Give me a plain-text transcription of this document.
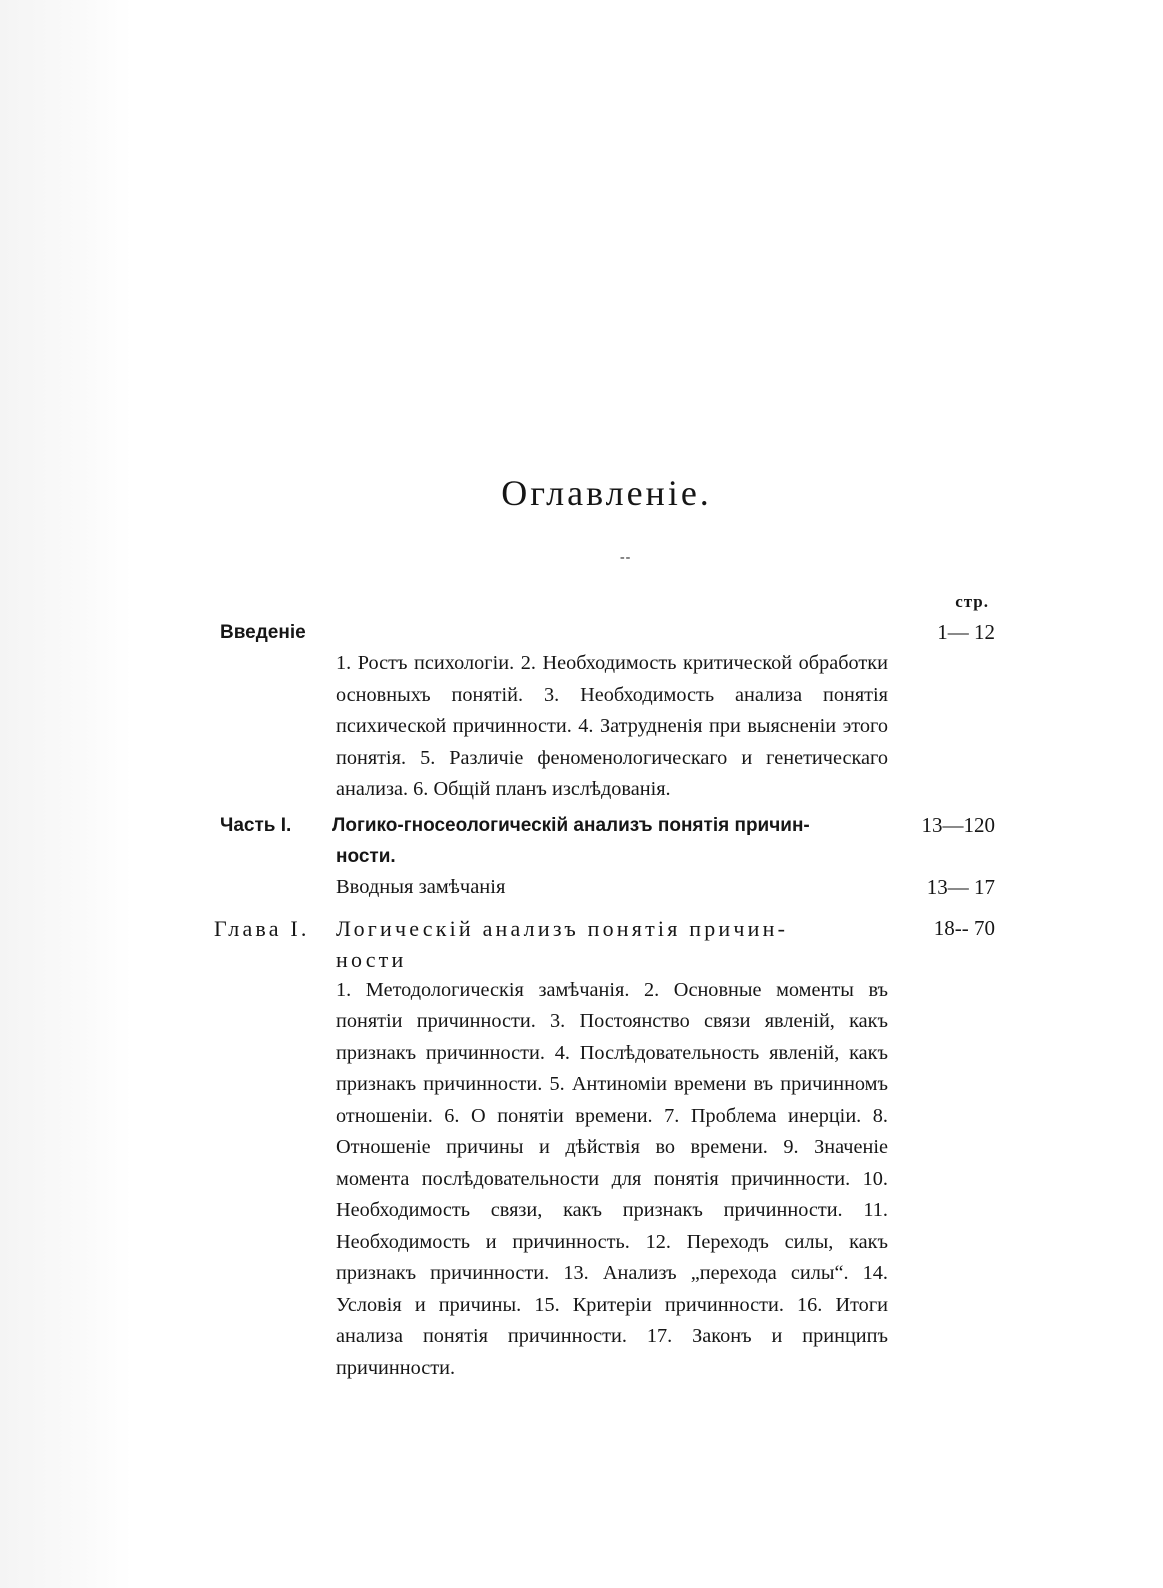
Оглавленіе.
--
стр.
Введеніе	1— 12
1. Ростъ психологіи. 2. Необходимость критической обработки основныхъ понятій. 3. Необходимость анализа понятія психической причинности. 4. Затрудненія при выясненіи этого понятія. 5. Различіе феноменологическаго и генетическаго анализа. 6. Общій планъ изслѣдованія.
Часть I. Логико-гносеологическій анализъ понятія причин-
ности.
13—120
Вводныя замѣчанія	13— 17
Глава I. Логическій анализъ понятія причин-
ности
18-- 70
1. Методологическія замѣчанія. 2. Основные моменты въ понятіи причинности. 3. Постоянство связи явленій, какъ признакъ причинности. 4. Послѣдовательность явленій, какъ признакъ причинности. 5. Антиноміи времени въ причинномъ отношеніи. 6. О понятіи времени. 7. Проблема инерціи. 8. Отношеніе причины и дѣйствія во времени. 9. Значеніе момента послѣдовательности для понятія причинности. 10. Необходимость связи, какъ признакъ причинности. 11. Необходимость и причинность. 12. Переходъ силы, какъ признакъ причинности. 13. Анализъ „перехода силы“. 14. Условія и причины. 15. Критеріи причинности. 16. Итоги анализа понятія причинности. 17. Законъ и принципъ причинности.
